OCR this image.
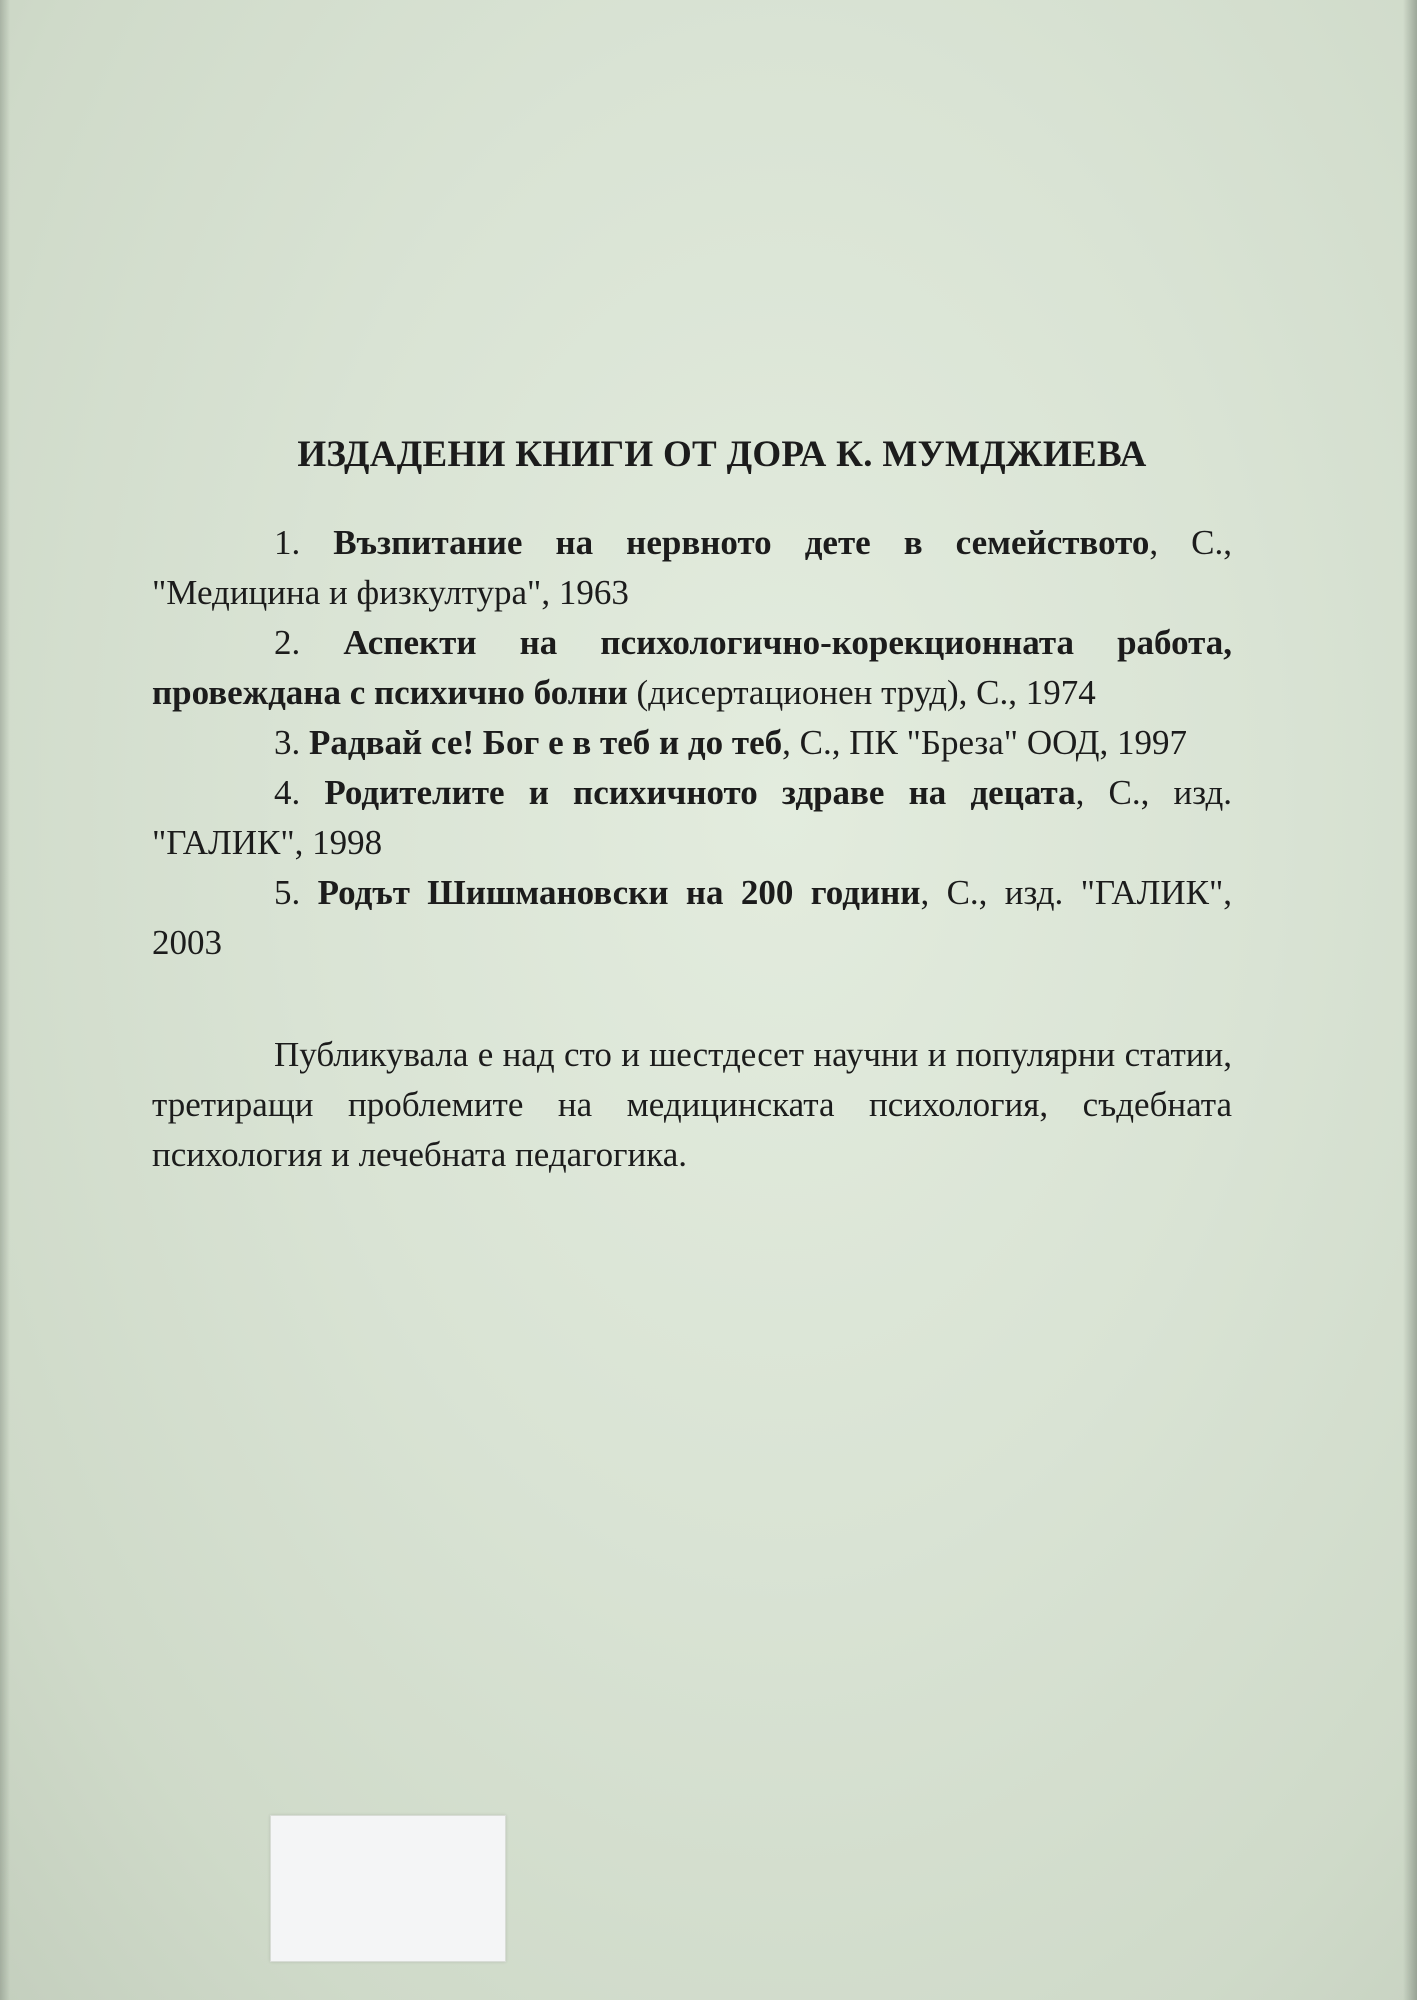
ИЗДАДЕНИ КНИГИ ОТ ДОРА К. МУМДЖИЕВА

1. Възпитание на нервното дете в семейството, С., "Медицина и физкултура", 1963

2. Аспекти на психологично-корекционната работа, провеждана с психично болни (дисертационен труд), С., 1974

3. Радвай се! Бог е в теб и до теб, С., ПК "Бреза" ООД, 1997

4. Родителите и психичното здраве на децата, С., изд. "ГАЛИК", 1998

5. Родът Шишмановски на 200 години, С., изд. "ГАЛИК", 2003

Публикувала е над сто и шестдесет научни и популярни статии, третиращи проблемите на медицинската психология, съдебната психология и лечебната педагогика.
